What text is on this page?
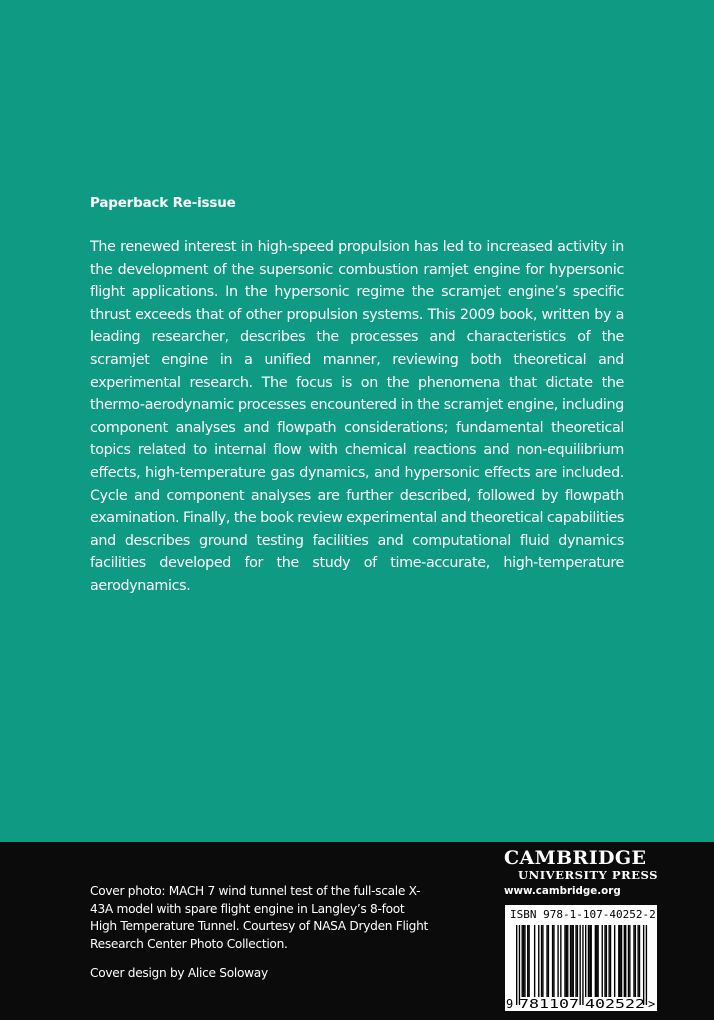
Paperback Re-issue

The renewed interest in high-speed propulsion has led to increased activity in the development of the supersonic combustion ramjet engine for hypersonic flight applications. In the hypersonic regime the scramjet engine’s specific thrust exceeds that of other propulsion systems. This 2009 book, written by a leading researcher, describes the processes and characteristics of the scramjet engine in a unified manner, reviewing both theoretical and experimental research. The focus is on the phenomena that dictate the thermo-aerodynamic processes encountered in the scramjet engine, including component analyses and flowpath considerations; fundamental theoretical topics related to internal flow with chemical reactions and non-equilibrium effects, high-temperature gas dynamics, and hypersonic effects are included. Cycle and component analyses are further described, followed by flowpath examination. Finally, the book review experimental and theoretical capabilities and describes ground testing facilities and computational fluid dynamics facilities developed for the study of time-accurate, high-temperature aerodynamics.

Cover photo: MACH 7 wind tunnel test of the full-scale X-43A model with spare flight engine in Langley’s 8-foot High Temperature Tunnel. Courtesy of NASA Dryden Flight Research Center Photo Collection.

Cover design by Alice Soloway
CAMBRIDGE
UNIVERSITY PRESS
www.cambridge.org
ISBN 978-1-107-40252-2
9 781107 402522 >
